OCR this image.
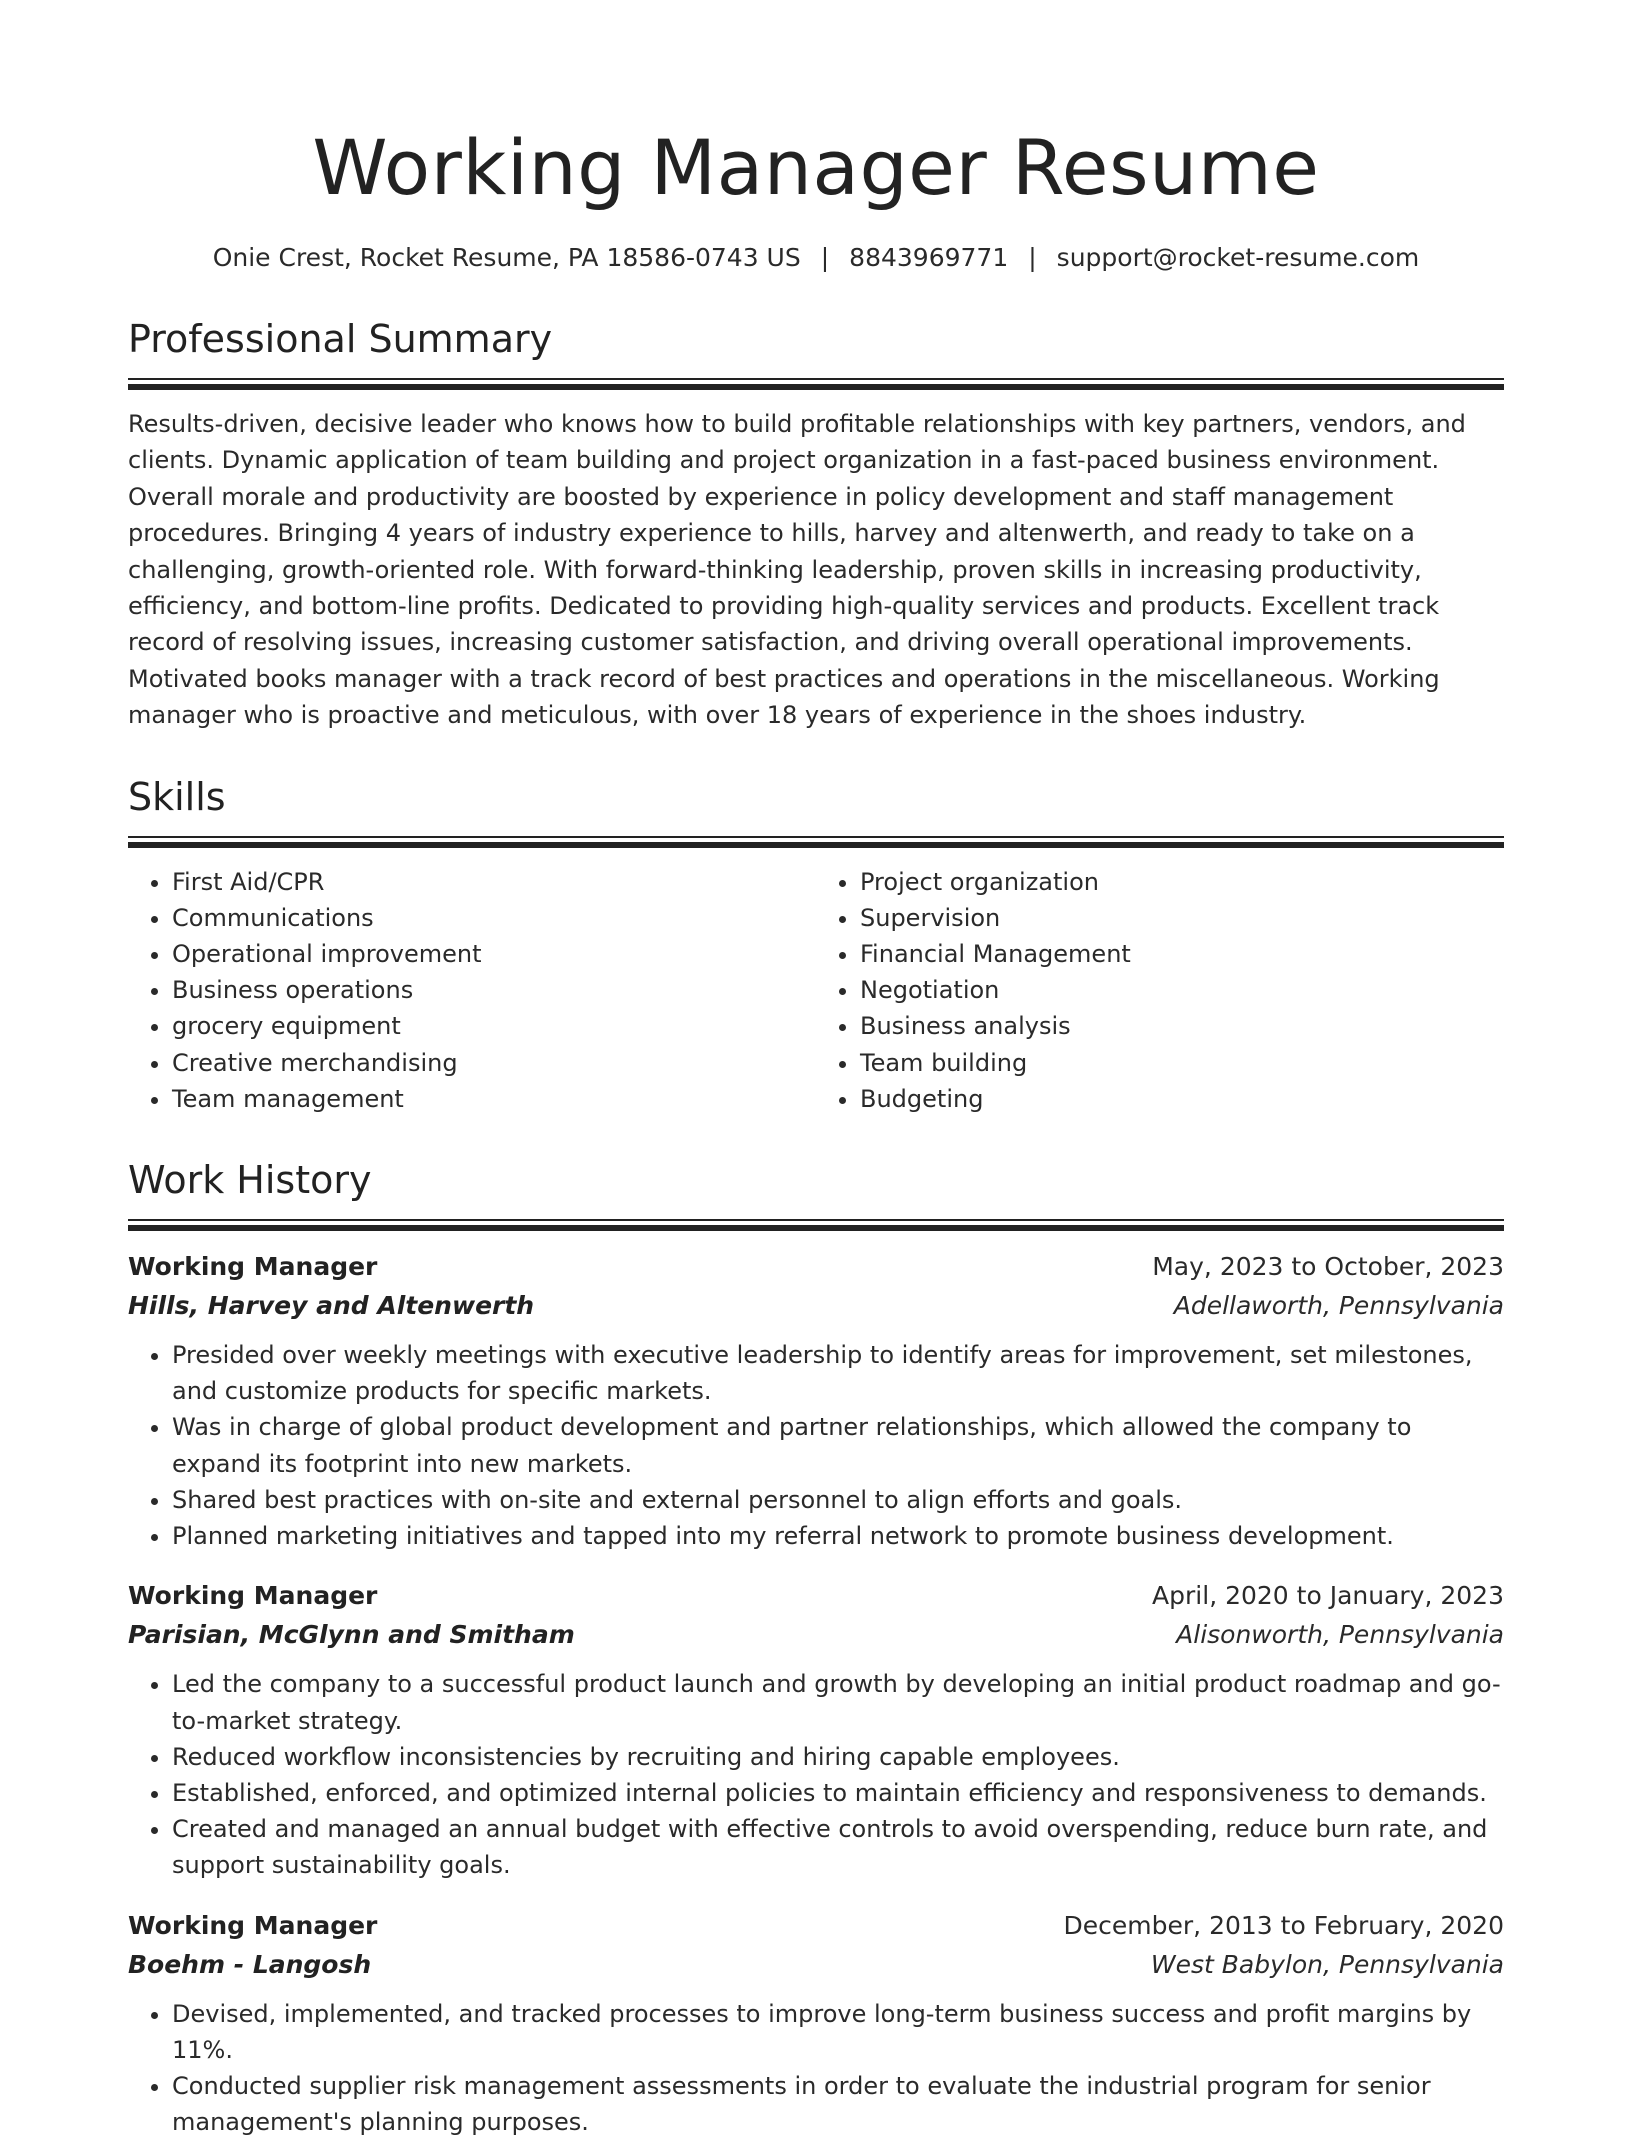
Working Manager Resume
Onie Crest, Rocket Resume, PA 18586-0743 US | 8843969771 | support@rocket-resume.com
Professional Summary

Results-driven, decisive leader who knows how to build profitable relationships with key partners, vendors, and clients. Dynamic application of team building and project organization in a fast-paced business environment. Overall morale and productivity are boosted by experience in policy development and staff management procedures. Bringing 4 years of industry experience to hills, harvey and altenwerth, and ready to take on a challenging, growth-oriented role. With forward-thinking leadership, proven skills in increasing productivity, efficiency, and bottom-line profits. Dedicated to providing high-quality services and products. Excellent track record of resolving issues, increasing customer satisfaction, and driving overall operational improvements. Motivated books manager with a track record of best practices and operations in the miscellaneous. Working manager who is proactive and meticulous, with over 18 years of experience in the shoes industry.

Skills
• First Aid/CPR
• Communications
• Operational improvement
• Business operations
• grocery equipment
• Creative merchandising
• Team management
• Project organization
• Supervision
• Financial Management
• Negotiation
• Business analysis
• Team building
• Budgeting
Work History
Working Manager	May, 2023 to October, 2023
Hills, Harvey and Altenwerth	Adellaworth, Pennsylvania
• Presided over weekly meetings with executive leadership to identify areas for improvement, set milestones, and customize products for specific markets.
• Was in charge of global product development and partner relationships, which allowed the company to expand its footprint into new markets.
• Shared best practices with on-site and external personnel to align efforts and goals.
• Planned marketing initiatives and tapped into my referral network to promote business development.
Working Manager	April, 2020 to January, 2023
Parisian, McGlynn and Smitham	Alisonworth, Pennsylvania
• Led the company to a successful product launch and growth by developing an initial product roadmap and go-to-market strategy.
• Reduced workflow inconsistencies by recruiting and hiring capable employees.
• Established, enforced, and optimized internal policies to maintain efficiency and responsiveness to demands.
• Created and managed an annual budget with effective controls to avoid overspending, reduce burn rate, and support sustainability goals.
Working Manager	December, 2013 to February, 2020
Boehm - Langosh	West Babylon, Pennsylvania
• Devised, implemented, and tracked processes to improve long-term business success and profit margins by 11%.
• Conducted supplier risk management assessments in order to evaluate the industrial program for senior management's planning purposes.
